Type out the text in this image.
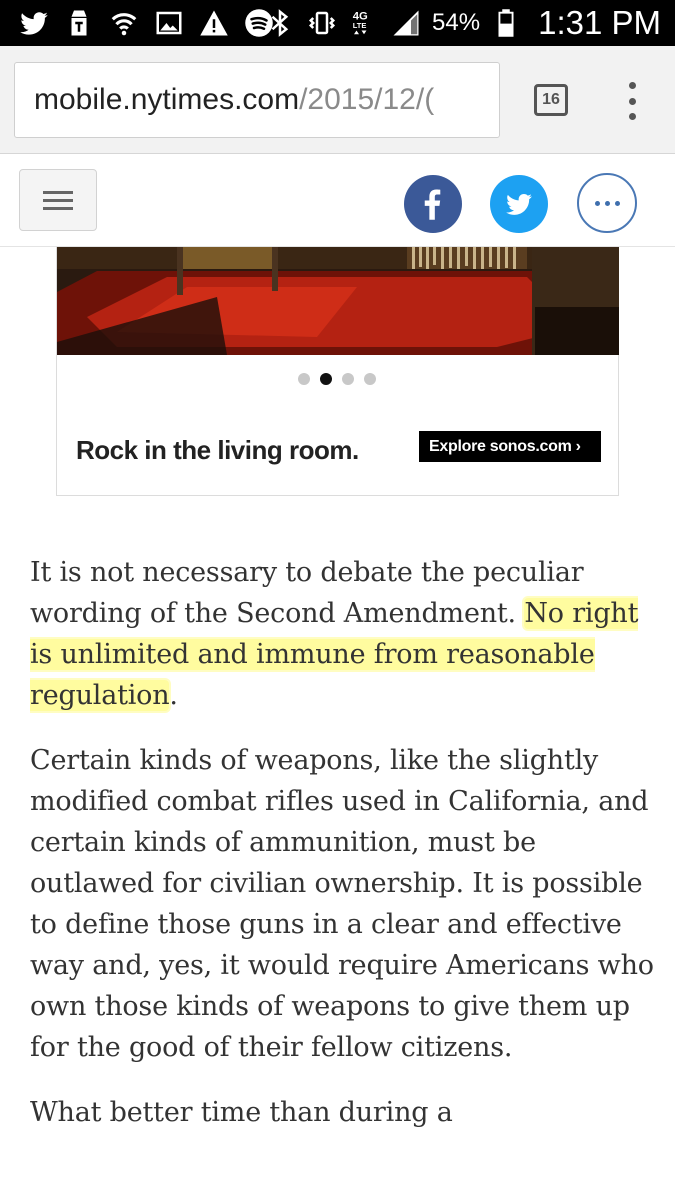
4G
LTE	54% 1:31 PM
mobile.nytimes.com /2015/12/(	16
Rock in the living room.	Explore sonos.com ›

It is not necessary to debate the peculiar wording of the Second Amendment. No right is unlimited and immune from reasonable regulation.

Certain kinds of weapons, like the slightly modified combat rifles used in California, and certain kinds of ammunition, must be outlawed for civilian ownership. It is possible to define those guns in a clear and effective way and, yes, it would require Americans who own those kinds of weapons to give them up for the good of their fellow citizens.

What better time than during a
